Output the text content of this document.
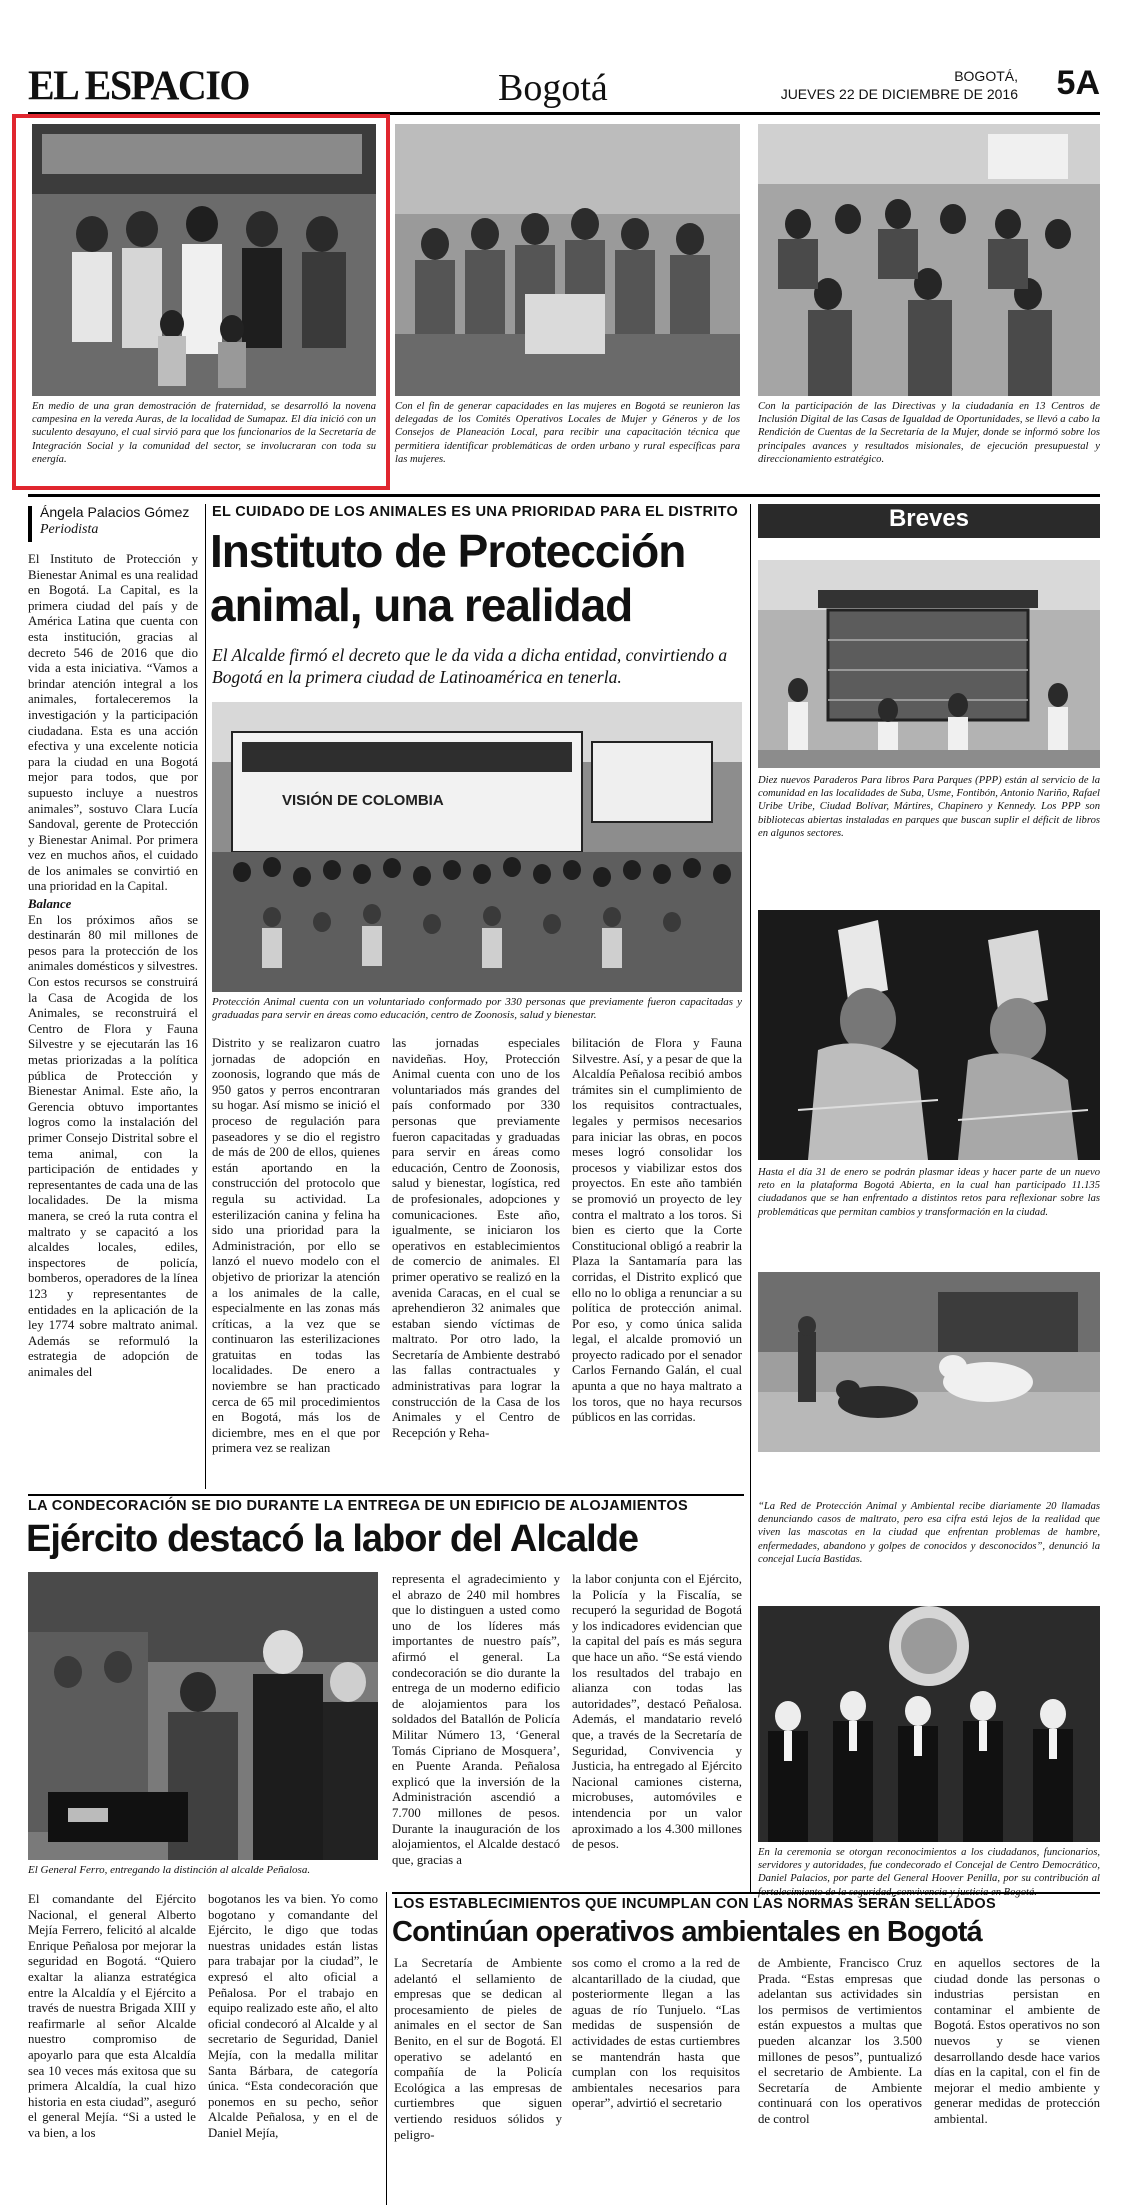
EL ESPACIO	Bogotá	BOGOTÁ,
JUEVES 22 DE DICIEMBRE DE 2016 5A
En medio de una gran demostración de fraternidad, se desarrolló la novena campesina en la vereda Auras, de la localidad de Sumapaz. El día inició con un suculento desayuno, el cual sirvió para que los funcionarios de la Secretaría de Integración Social y la comunidad del sector, se involucraran con toda su energía.
Con el fin de generar capacidades en las mujeres en Bogotá se reunieron las delegadas de los Comités Operativos Locales de Mujer y Géneros y de los Consejos de Planeación Local, para recibir una capacitación técnica que permitiera identificar problemáticas de orden urbano y rural específicas para las mujeres.
Con la participación de las Directivas y la ciudadanía en 13 Centros de Inclusión Digital de las Casas de Igualdad de Oportunidades, se llevó a cabo la Rendición de Cuentas de la Secretaría de la Mujer, donde se informó sobre los principales avances y resultados misionales, de ejecución presupuestal y direccionamiento estratégico.
Ángela Palacios Gómez
Periodista

El Instituto de Protección y Bienestar Animal es una realidad en Bogotá. La Capital, es la primera ciudad del país y de América Latina que cuenta con esta institución, gracias al decreto 546 de 2016 que dio vida a esta iniciativa. “Vamos a brindar atención integral a los animales, fortaleceremos la investigación y la participación ciudadana. Esta es una acción efectiva y una excelente noticia para la ciudad en una Bogotá mejor para todos, que por supuesto incluye a nuestros animales”, sostuvo Clara Lucía Sandoval, gerente de Protección y Bienestar Animal. Por primera vez en muchos años, el cuidado de los animales se convirtió en una prioridad en la Capital.

Balance

En los próximos años se destinarán 80 mil millones de pesos para la protección de los animales domésticos y silvestres. Con estos recursos se construirá la Casa de Acogida de los Animales, se reconstruirá el Centro de Flora y Fauna Silvestre y se ejecutarán las 16 metas priorizadas a la política pública de Protección y Bienestar Animal. Este año, la Gerencia obtuvo importantes logros como la instalación del primer Consejo Distrital sobre el tema animal, con la participación de entidades y representantes de cada una de las localidades. De la misma manera, se creó la ruta contra el maltrato y se capacitó a los alcaldes locales, ediles, inspectores de policía, bomberos, operadores de la línea 123 y representantes de entidades en la aplicación de la ley 1774 sobre maltrato animal. Además se reformuló la estrategia de adopción de animales del

EL CUIDADO DE LOS ANIMALES ES UNA PRIORIDAD PARA EL DISTRITO
Instituto de Protección
animal, una realidad
El Alcalde firmó el decreto que le da vida a dicha entidad, convirtiendo a Bogotá en la primera ciudad de Latinoamérica en tenerla.
VISIÓN DE COLOMBIA
Protección Animal cuenta con un voluntariado conformado por 330 personas que previamente fueron capacitadas y graduadas para servir en áreas como educación, centro de Zoonosis, salud y bienestar.
Distrito y se realizaron cuatro jornadas de adopción en zoonosis, logrando que más de 950 gatos y perros encontraran su hogar. Así mismo se inició el proceso de regulación para paseadores y se dio el registro de más de 200 de ellos, quienes están aportando en la construcción del protocolo que regula su actividad. La esterilización canina y felina ha sido una prioridad para la Administración, por ello se lanzó el nuevo modelo con el objetivo de priorizar la atención a los animales de la calle, especialmente en las zonas más críticas, a la vez que se continuaron las esterilizaciones gratuitas en todas las localidades. De enero a noviembre se han practicado cerca de 65 mil procedimientos en Bogotá, más los de diciembre, mes en el que por primera vez se realizan
las jornadas especiales navideñas. Hoy, Protección Animal cuenta con uno de los voluntariados más grandes del país conformado por 330 personas que previamente fueron capacitadas y graduadas para servir en áreas como educación, Centro de Zoonosis, salud y bienestar, logística, red de profesionales, adopciones y comunicaciones. Este año, igualmente, se iniciaron los operativos en establecimientos de comercio de animales. El primer operativo se realizó en la avenida Caracas, en el cual se aprehendieron 32 animales que estaban siendo víctimas de maltrato. Por otro lado, la Secretaría de Ambiente destrabó las fallas contractuales y administrativas para lograr la construcción de la Casa de los Animales y el Centro de Recepción y Reha-
bilitación de Flora y Fauna Silvestre. Así, y a pesar de que la Alcaldía Peñalosa recibió ambos trámites sin el cumplimiento de los requisitos contractuales, legales y permisos necesarios para iniciar las obras, en pocos meses logró consolidar los procesos y viabilizar estos dos proyectos. En este año también se promovió un proyecto de ley contra el maltrato a los toros. Si bien es cierto que la Corte Constitucional obligó a reabrir la Plaza la Santamaría para las corridas, el Distrito explicó que ello no lo obliga a renunciar a su política de protección animal. Por eso, y como única salida legal, el alcalde promovió un proyecto radicado por el senador Carlos Fernando Galán, el cual apunta a que no haya maltrato a los toros, que no haya recursos públicos en las corridas.
Breves
Diez nuevos Paraderos Para libros Para Parques (PPP) están al servicio de la comunidad en las localidades de Suba, Usme, Fontibón, Antonio Nariño, Rafael Uribe Uribe, Ciudad Bolívar, Mártires, Chapinero y Kennedy. Los PPP son bibliotecas abiertas instaladas en parques que buscan suplir el déficit de libros en algunos sectores.
Hasta el día 31 de enero se podrán plasmar ideas y hacer parte de un nuevo reto en la plataforma Bogotá Abierta, en la cual han participado 11.135 ciudadanos que se han enfrentado a distintos retos para reflexionar sobre las problemáticas que permitan cambios y transformación en la ciudad.
“La Red de Protección Animal y Ambiental recibe diariamente 20 llamadas denunciando casos de maltrato, pero esa cifra está lejos de la realidad que viven las mascotas en la ciudad que enfrentan problemas de hambre, enfermedades, abandono y golpes de conocidos y desconocidos”, denunció la concejal Lucía Bastidas.
En la ceremonia se otorgan reconocimientos a los ciudadanos, funcionarios, servidores y autoridades, fue condecorado el Concejal de Centro Democrático, Daniel Palacios, por parte del General Hoover Penilla, por su contribución al
LA CONDECORACIÓN SE DIO DURANTE LA ENTREGA DE UN EDIFICIO DE ALOJAMIENTOS
Ejército destacó la labor del Alcalde
El General Ferro, entregando la distinción al alcalde Peñalosa.
representa el agradecimiento y el abrazo de 240 mil hombres que lo distinguen a usted como uno de los líderes más importantes de nuestro país”, afirmó el general. La condecoración se dio durante la entrega de un moderno edificio de alojamientos para los soldados del Batallón de Policía Militar Número 13, ‘General Tomás Cipriano de Mosquera’, en Puente Aranda. Peñalosa explicó que la inversión de la Administración ascendió a 7.700 millones de pesos. Durante la inauguración de los alojamientos, el Alcalde destacó que, gracias a
la labor conjunta con el Ejército, la Policía y la Fiscalía, se recuperó la seguridad de Bogotá y los indicadores evidencian que la capital del país es más segura que hace un año. “Se está viendo los resultados del trabajo en alianza con todas las autoridades”, destacó Peñalosa. Además, el mandatario reveló que, a través de la Secretaría de Seguridad, Convivencia y Justicia, ha entregado al Ejército Nacional camiones cisterna, microbuses, automóviles e intendencia por un valor aproximado a los 4.300 millones de pesos.
El comandante del Ejército Nacional, el general Alberto Mejía Ferrero, felicitó al alcalde Enrique Peñalosa por mejorar la seguridad en Bogotá. “Quiero exaltar la alianza estratégica entre la Alcaldía y el Ejército a través de nuestra Brigada XIII y reafirmarle al señor Alcalde nuestro compromiso de apoyarlo para que esta Alcaldía sea 10 veces más exitosa que su primera Alcaldía, la cual hizo historia en esta ciudad”, aseguró el general Mejía. “Si a usted le va bien, a los
bogotanos les va bien. Yo como bogotano y comandante del Ejército, le digo que todas nuestras unidades están listas para trabajar por la ciudad”, le expresó el alto oficial a Peñalosa. Por el trabajo en equipo realizado este año, el alto oficial condecoró al Alcalde y al secretario de Seguridad, Daniel Mejía, con la medalla militar Santa Bárbara, de categoría única. “Esta condecoración que ponemos en su pecho, señor Alcalde Peñalosa, y en el de Daniel Mejía,
LOS ESTABLECIMIENTOS QUE INCUMPLAN CON LAS NORMAS SERÁN SELLADOS
Continúan operativos ambientales en Bogotá
La Secretaría de Ambiente adelantó el sellamiento de empresas que se dedican al procesamiento de pieles de animales en el sector de San Benito, en el sur de Bogotá. El operativo se adelantó en compañía de la Policía Ecológica a las empresas de curtiembres que siguen vertiendo residuos sólidos y peligro-
sos como el cromo a la red de alcantarillado de la ciudad, que posteriormente llegan a las aguas de río Tunjuelo. “Las medidas de suspensión de actividades de estas curtiembres se mantendrán hasta que cumplan con los requisitos ambientales necesarios para operar”, advirtió el secretario
de Ambiente, Francisco Cruz Prada. “Estas empresas que adelantan sus actividades sin los permisos de vertimientos están expuestos a multas que pueden alcanzar los 3.500 millones de pesos”, puntualizó el secretario de Ambiente. La Secretaría de Ambiente continuará con los operativos de control
en aquellos sectores de la ciudad donde las personas o industrias persistan en contaminar el ambiente de Bogotá. Estos operativos no son nuevos y se vienen desarrollando desde hace varios días en la capital, con el fin de mejorar el medio ambiente y generar medidas de protección ambiental.
